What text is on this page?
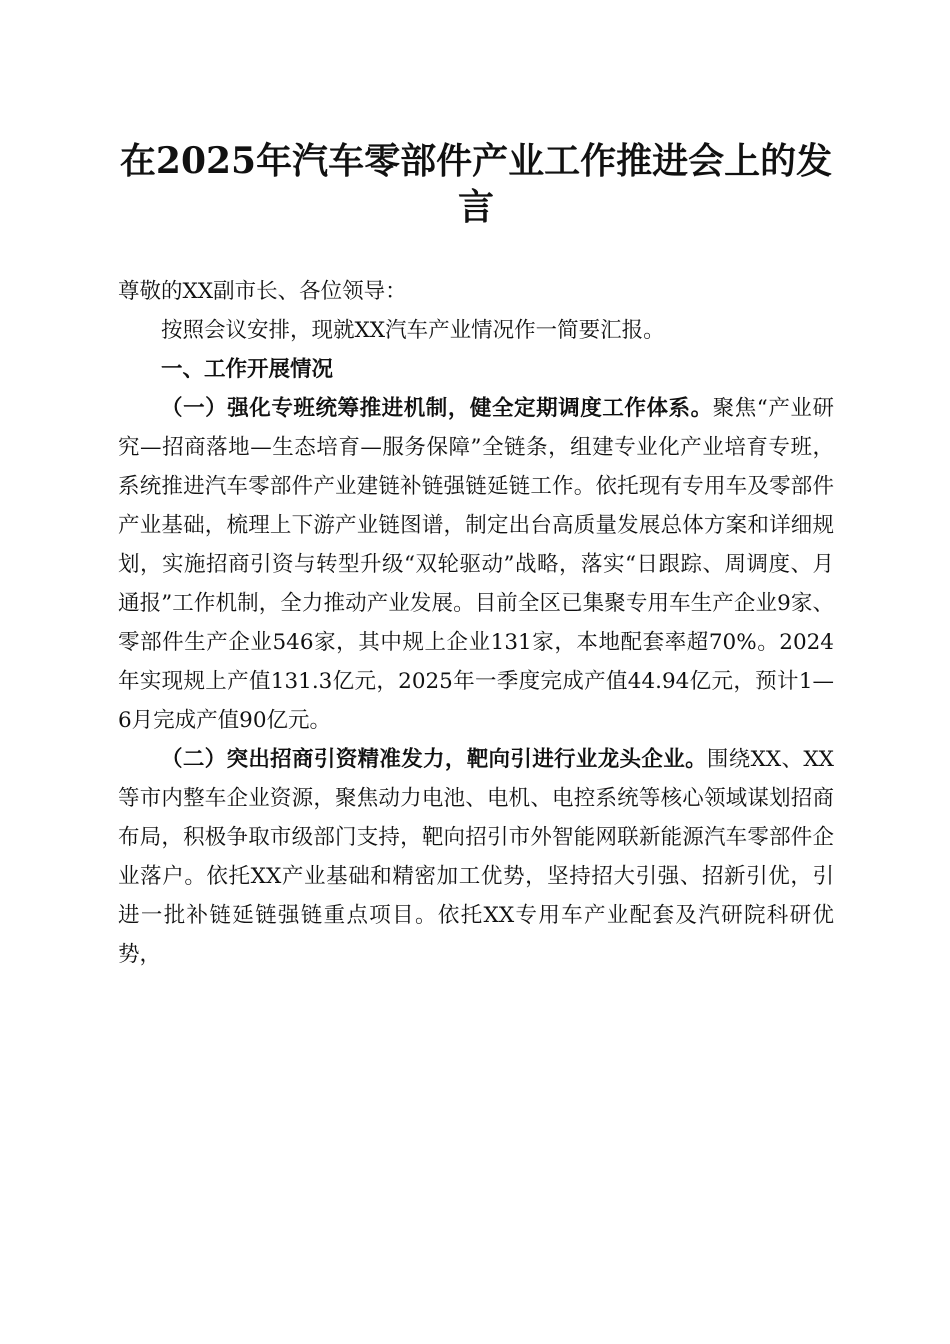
在2025年汽车零部件产业工作推进会上的发言

尊敬的XX副市长、各位领导：

按照会议安排，现就XX汽车产业情况作一简要汇报。

一、工作开展情况

（一）强化专班统筹推进机制，健全定期调度工作体系。聚焦“产业研究—招商落地—生态培育—服务保障”全链条，组建专业化产业培育专班，系统推进汽车零部件产业建链补链强链延链工作。依托现有专用车及零部件产业基础，梳理上下游产业链图谱，制定出台高质量发展总体方案和详细规划，实施招商引资与转型升级“双轮驱动”战略，落实“日跟踪、周调度、月通报”工作机制，全力推动产业发展。目前全区已集聚专用车生产企业9家、零部件生产企业546家，其中规上企业131家，本地配套率超70%。2024年实现规上产值131.3亿元，2025年一季度完成产值44.94亿元，预计1—6月完成产值90亿元。

（二）突出招商引资精准发力，靶向引进行业龙头企业。围绕XX、XX等市内整车企业资源，聚焦动力电池、电机、电控系统等核心领域谋划招商布局，积极争取市级部门支持，靶向招引市外智能网联新能源汽车零部件企业落户。依托XX产业基础和精密加工优势，坚持招大引强、招新引优，引进一批补链延链强链重点项目。依托XX专用车产业配套及汽研院科研优势，
